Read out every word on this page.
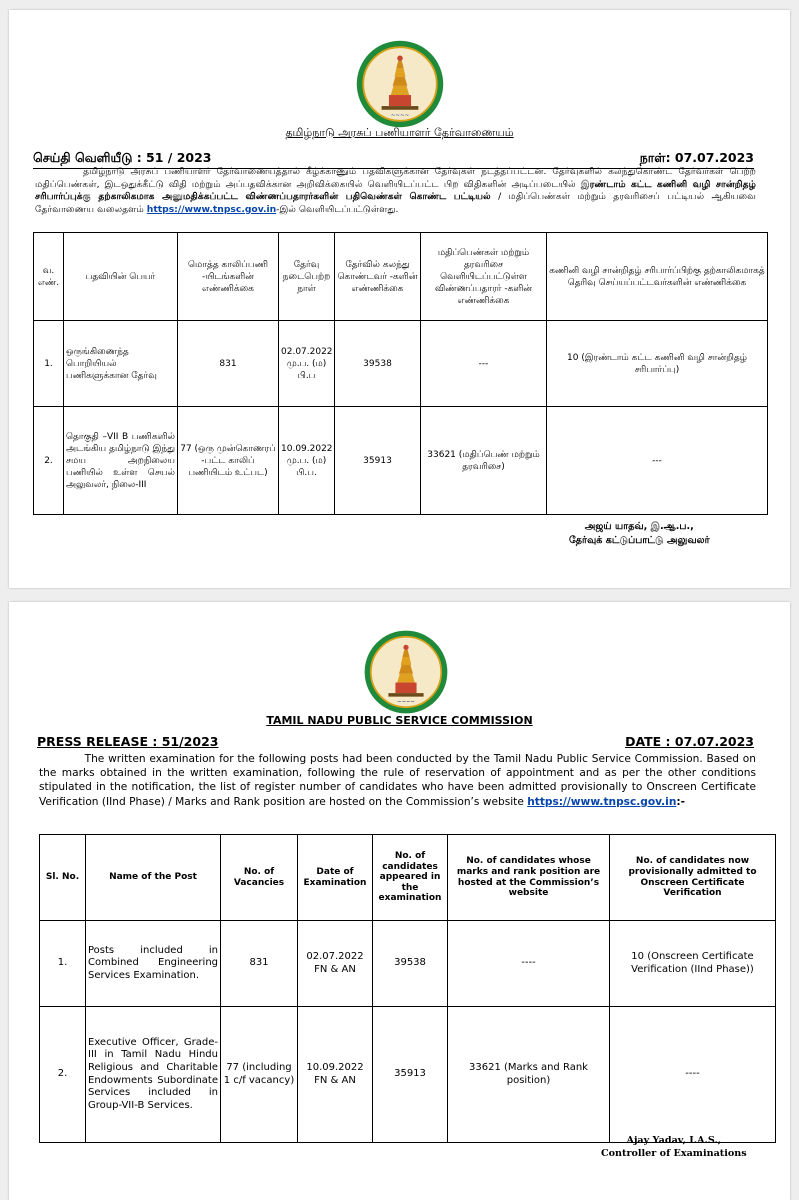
~~~~
தமிழ்நாடு அரசுப் பணியாளர் தேர்வாணையம்
செய்தி வெளியீடு : 51 / 2023	நாள்: 07.07.2023
தமிழ்நாடு அரசுப் பணியாளர் தேர்வாணையத்தால் கீழ்க்காணும் பதவிகளுக்கான தேர்வுகள் நடத்தப்பட்டன. தேர்வுகளில் கலந்துகொண்ட தேர்வர்கள் பெற்ற மதிப்பெண்கள், இடஒதுக்கீட்டு விதி மற்றும் அப்பதவிக்கான அறிவிக்கையில் வெளியிடப்பட்ட பிற விதிகளின் அடிப்படையில் இரண்டாம் கட்ட கணினி வழி சான்றிதழ் சரிபார்ப்புக்கு தற்காலிகமாக அனுமதிக்கப்பட்ட விண்ணப்பதாரர்களின் பதிவெண்கள் கொண்ட பட்டியல் / மதிப்பெண்கள் மற்றும் தரவரிசைப் பட்டியல் ஆகியவை தேர்வாணைய வலைதளம் https://www.tnpsc.gov.in-இல் வெளியிடப்பட்டுள்ளது.
வ. எண்.	பதவியின் பெயர்	மொத்த காலிப்பணி -யிடங்களின் எண்ணிக்கை	தேர்வு நடைபெற்ற நாள்	தேர்வில் கலந்து கொண்டவர் -களின் எண்ணிக்கை	மதிப்பெண்கள் மற்றும் தரவரிசை வெளியிடப்பட்டுள்ள விண்ணப்பதாரர் -களின் எண்ணிக்கை	கணினி வழி சான்றிதழ் சரிபார்ப்பிற்கு தற்காலிகமாகத் தெரிவு செய்யப்பட்டவர்களின் எண்ணிக்கை
1.	ஒருங்கிணைந்த பொறியியல் பணிகளுக்கான தேர்வு	831	02.07.2022 மு.ப. (ம) பி.ப	39538	---	10 (இரண்டாம் கட்ட கணினி வழி சான்றிதழ் சரிபார்ப்பு)
2.	தொகுதி –VII B பணிகளில் அடங்கிய தமிழ்நாடு இந்து சமய அறநிலைய பணியில் உள்ள செயல் அலுவலர், நிலை-III	77 (ஒரு முன்கொணரப் -பட்ட காலிப் பணியிடம் உட்பட)	10.09.2022 மு.ப. (ம) பி.ப.	35913	33621 (மதிப்பெண் மற்றும் தரவரிசை)	---
அஜய் யாதவ், இ.ஆ.ப.,
தேர்வுக் கட்டுப்பாட்டு அலுவலர்
~~~~
TAMIL NADU PUBLIC SERVICE COMMISSION
PRESS RELEASE : 51/2023	DATE : 07.07.2023
The written examination for the following posts had been conducted by the Tamil Nadu Public Service Commission. Based on the marks obtained in the written examination, following the rule of reservation of appointment and as per the other conditions stipulated in the notification, the list of register number of candidates who have been admitted provisionally to Onscreen Certificate Verification (IInd Phase) / Marks and Rank position are hosted on the Commission’s website https://www.tnpsc.gov.in:-
Sl. No.	Name of the Post	No. of Vacancies	Date of Examination	No. of candidates appeared in the examination	No. of candidates whose marks and rank position are hosted at the Commission’s website	No. of candidates now provisionally admitted to Onscreen Certificate Verification
1.	Posts included in Combined Engineering Services Examination.	831	02.07.2022 FN & AN	39538	----	10 (Onscreen Certificate Verification (IInd Phase))
2.	Executive Officer, Grade-III in Tamil Nadu Hindu Religious and Charitable Endowments Subordinate Services included in Group-VII-B Services.	77 (including 1 c/f vacancy)	10.09.2022 FN & AN	35913	33621 (Marks and Rank position)	----
Ajay Yadav, I.A.S.,
Controller of Examinations
